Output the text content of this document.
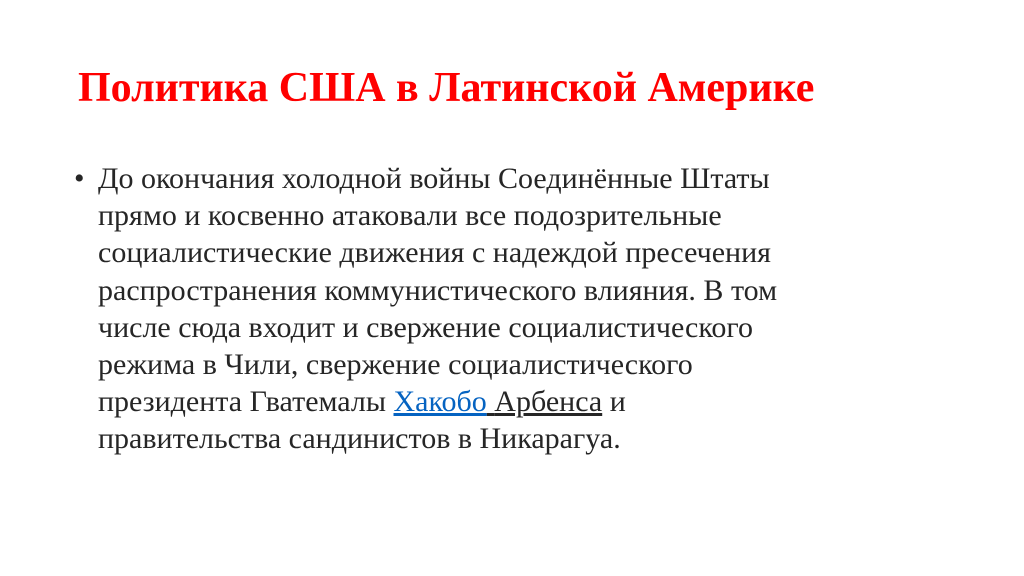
Политика США в Латинской Америке
• До окончания холодной войны Соединённые Штаты
прямо и косвенно атаковали все подозрительные
социалистические движения с надеждой пресечения
распространения коммунистического влияния. В том
числе сюда входит и свержение социалистического
режима в Чили, свержение социалистического
президента Гватемалы Хакобо Арбенса и
правительства сандинистов в Никарагуа.
